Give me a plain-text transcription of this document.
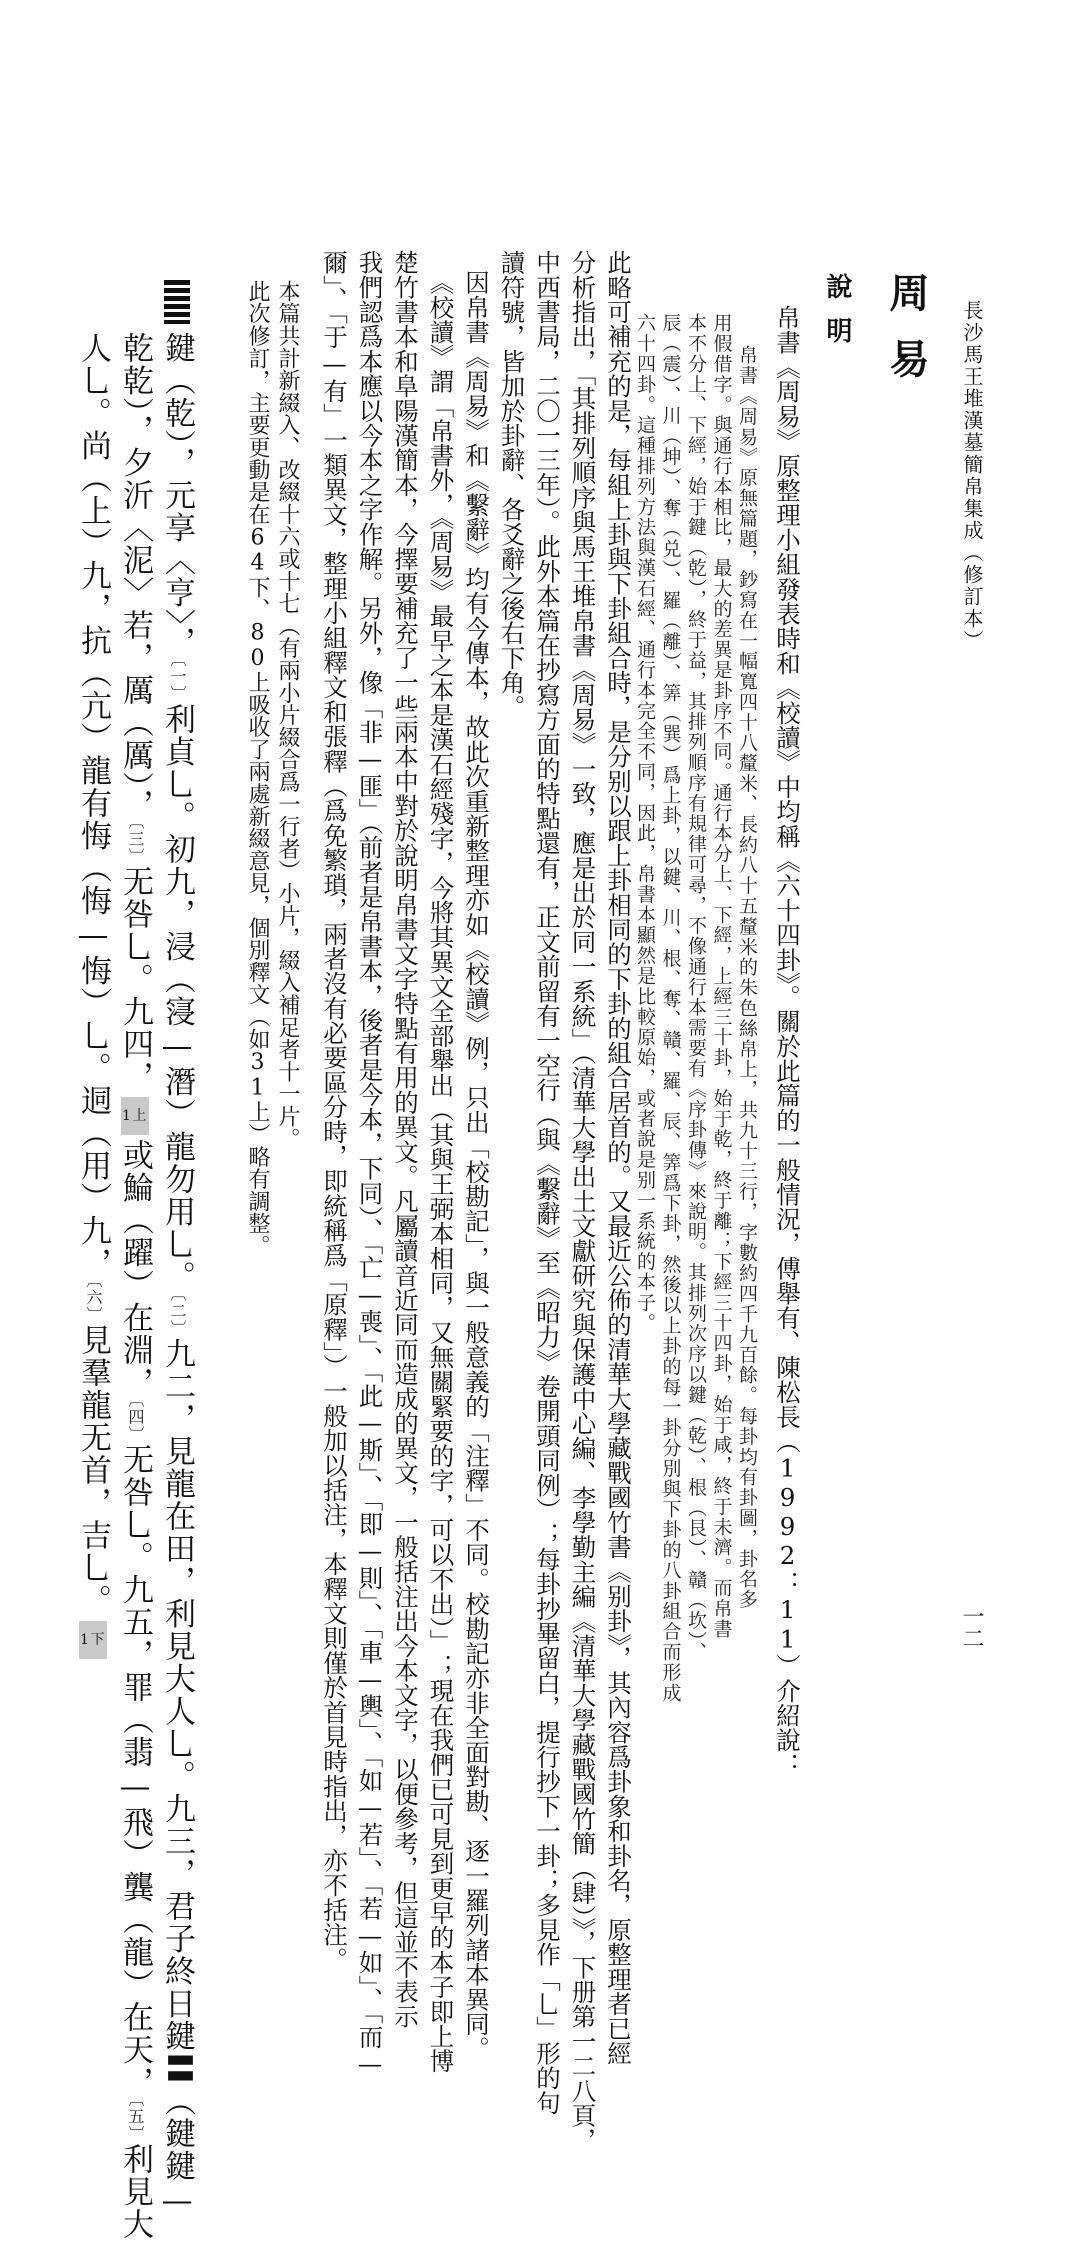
長沙馬王堆漢墓簡帛集成（修訂本）
一二
周易
說明
帛書《周易》原整理小組發表時和《校讀》中均稱《六十四卦》。關於此篇的一般情況，傅舉有、陳松長（1992：11）介紹說：
帛書《周易》原無篇題，鈔寫在一幅寬四十八釐米、長約八十五釐米的朱色絲帛上，共九十三行，字數約四千九百餘。每卦均有卦圖，卦名多
用假借字。與通行本相比，最大的差異是卦序不同。通行本分上、下經，上經三十卦，始于乾，終于離；下經三十四卦，始于咸，終于未濟。而帛書
本不分上、下經，始于鍵（乾），終于益，其排列順序有規律可尋，不像通行本需要有《序卦傳》來說明。其排列次序以鍵（乾）、根（艮）、贛（坎）、
辰（震）、川（坤）、奪（兑）、羅（離）、筭（巽）爲上卦，以鍵、川、根、奪、贛、羅、辰、筭爲下卦，然後以上卦的每一卦分別與下卦的八卦組合而形成
六十四卦。這種排列方法與漢石經、通行本完全不同，因此，帛書本顯然是比較原始，或者說是别一系統的本子。
此略可補充的是，每組上卦與下卦組合時，是分别以跟上卦相同的下卦的組合居首的。又最近公佈的清華大學藏戰國竹書《别卦》，其內容爲卦象和卦名，原整理者已經
分析指出，「其排列順序與馬王堆帛書《周易》一致，應是出於同一系統」（清華大學出土文獻研究與保護中心編、李學勤主編《清華大學藏戰國竹簡（肆）》，下册第一二八頁，
中西書局，二〇一三年）。此外本篇在抄寫方面的特點還有，正文前留有一空行（與《繫辭》至《昭力》卷開頭同例）；每卦抄畢留白，提行抄下一卦；多見作「乚」形的句
讀符號，皆加於卦辭、各爻辭之後右下角。
因帛書《周易》和《繫辭》均有今傳本，故此次重新整理亦如《校讀》例，只出「校勘記」，與一般意義的「注釋」不同。校勘記亦非全面對勘、逐一羅列諸本異同。
《校讀》謂「帛書外，《周易》最早之本是漢石經殘字，今將其異文全部舉出（其與王弼本相同，又無關緊要的字，可以不出）」；現在我們已可見到更早的本子即上博
楚竹書本和阜陽漢簡本，今擇要補充了一些兩本中對於說明帛書文字特點有用的異文。凡屬讀音近同而造成的異文，一般括注出今本文字，以便參考，但這並不表示
我們認爲本應以今本之字作解。另外，像「非—匪」（前者是帛書本，後者是今本，下同）、「亡—喪」、「此—斯」、「即—則」、「車—輿」、「如—若」、「若—如」、「而—
爾」、「于—有」一類異文，整理小組釋文和張釋（爲免繁瑣，兩者沒有必要區分時，即統稱爲「原釋」）一般加以括注，本釋文則僅於首見時指出，亦不括注。
本篇共計新綴入、改綴十六或十七（有兩小片綴合爲一行者）小片，綴入補足者十一片。
此次修訂，主要更動是在64下、80上吸收了兩處新綴意見，個別釋文（如31上）略有調整。
鍵（乾），元享〈亨〉，〔一〕利貞乚。初九，浸（寖—潛）龍勿用乚。〔二〕九二，見龍在田，利見大人乚。九三，君子終日鍵〓（鍵鍵—
乾乾），夕沂〈泥〉若，厲（厲），〔三〕无咎乚。九四，1上或鯩（躍）在淵，〔四〕无咎乚。九五，罪（翡—飛）龔（龍）在天，〔五〕利見大
人乚。尚（上）九，抗（亢）龍有悔（悔—悔）乚。迵（用）九，〔六〕見羣龍无首，吉乚。1下
